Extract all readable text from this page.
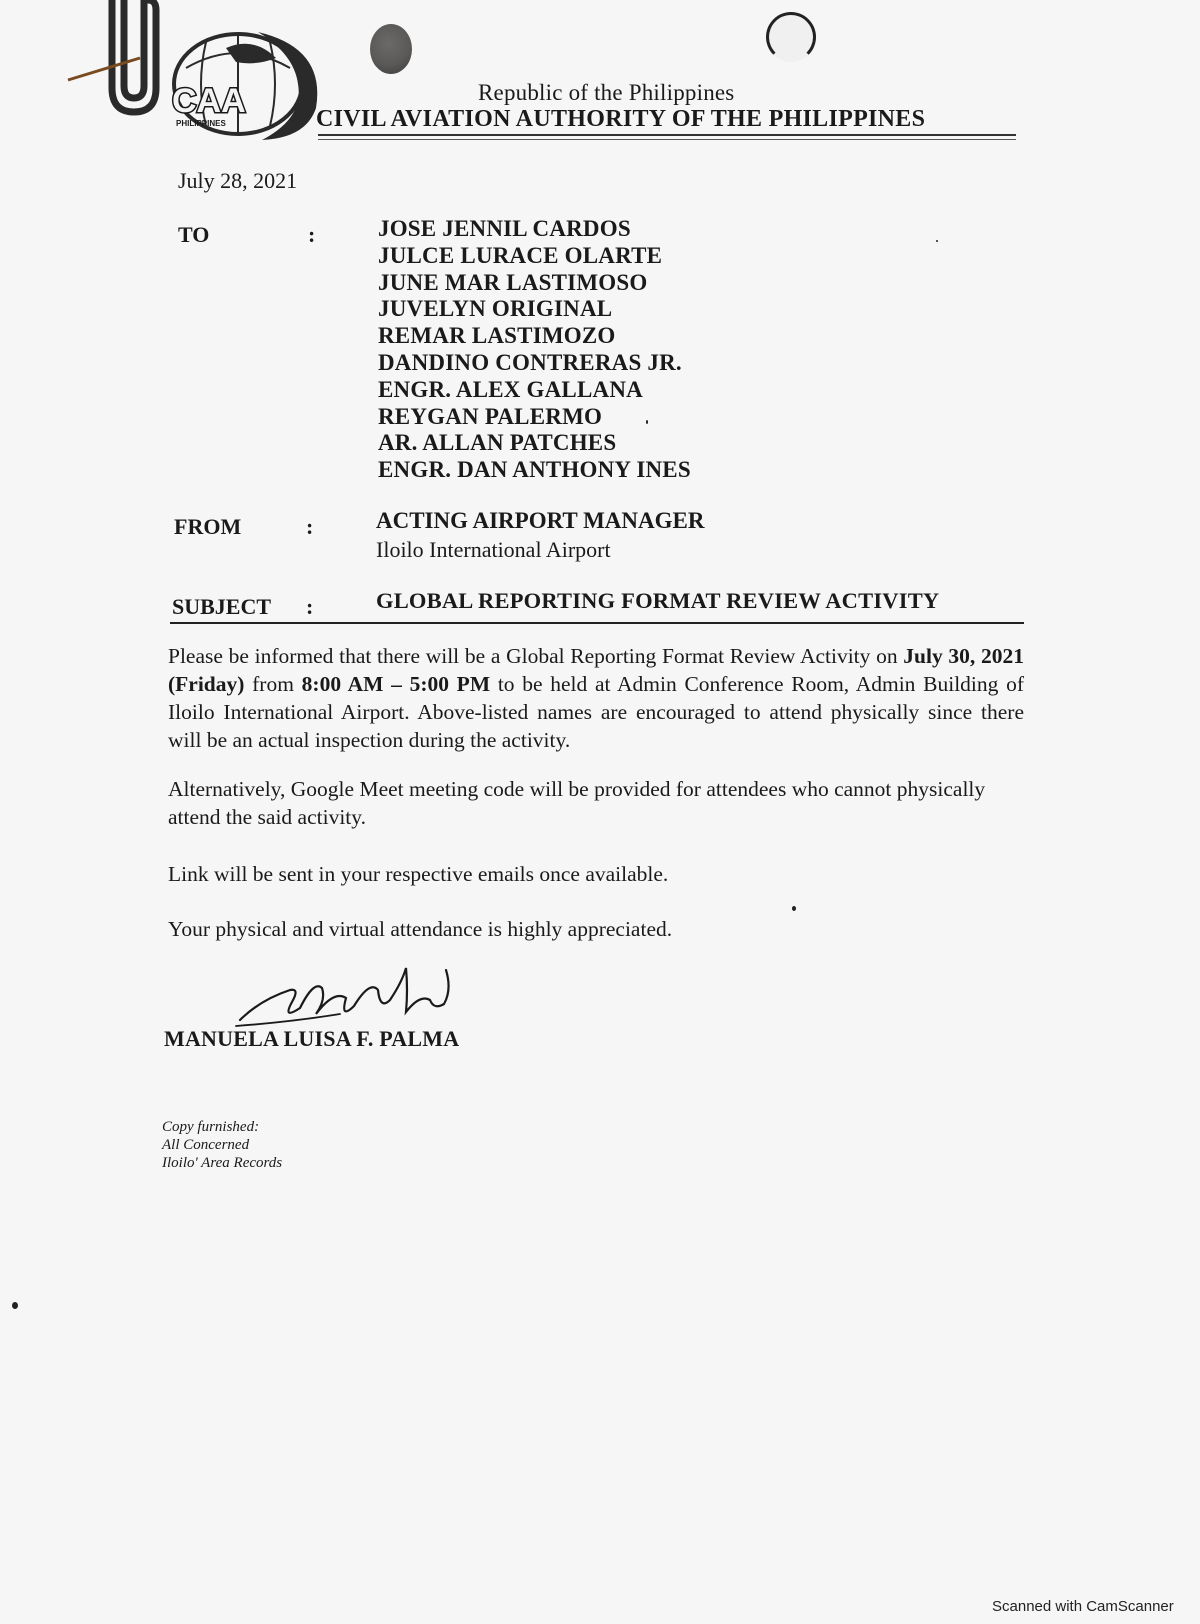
CAA
PHILIPPINES
Republic of the Philippines
CIVIL AVIATION AUTHORITY OF THE PHILIPPINES
July 28, 2021
TO	:	JOSE JENNIL CARDOS
JULCE LURACE OLARTE
JUNE MAR LASTIMOSO
JUVELYN ORIGINAL
REMAR LASTIMOZO
DANDINO CONTRERAS JR.
ENGR. ALEX GALLANA
REYGAN PALERMO
AR. ALLAN PATCHES
ENGR. DAN ANTHONY INES
FROM	:	ACTING AIRPORT MANAGER
Iloilo International Airport
SUBJECT :	GLOBAL REPORTING FORMAT REVIEW ACTIVITY
Please be informed that there will be a Global Reporting Format Review Activity on July 30, 2021 (Friday) from 8:00 AM – 5:00 PM to be held at Admin Conference Room, Admin Building of Iloilo International Airport. Above-listed names are encouraged to attend physically since there will be an actual inspection during the activity.
Alternatively, Google Meet meeting code will be provided for attendees who cannot physically attend the said activity.
Link will be sent in your respective emails once available.
Your physical and virtual attendance is highly appreciated.
MANUELA LUISA F. PALMA
Copy furnished:
All Concerned
Iloilo' Area Records
Scanned with CamScanner
